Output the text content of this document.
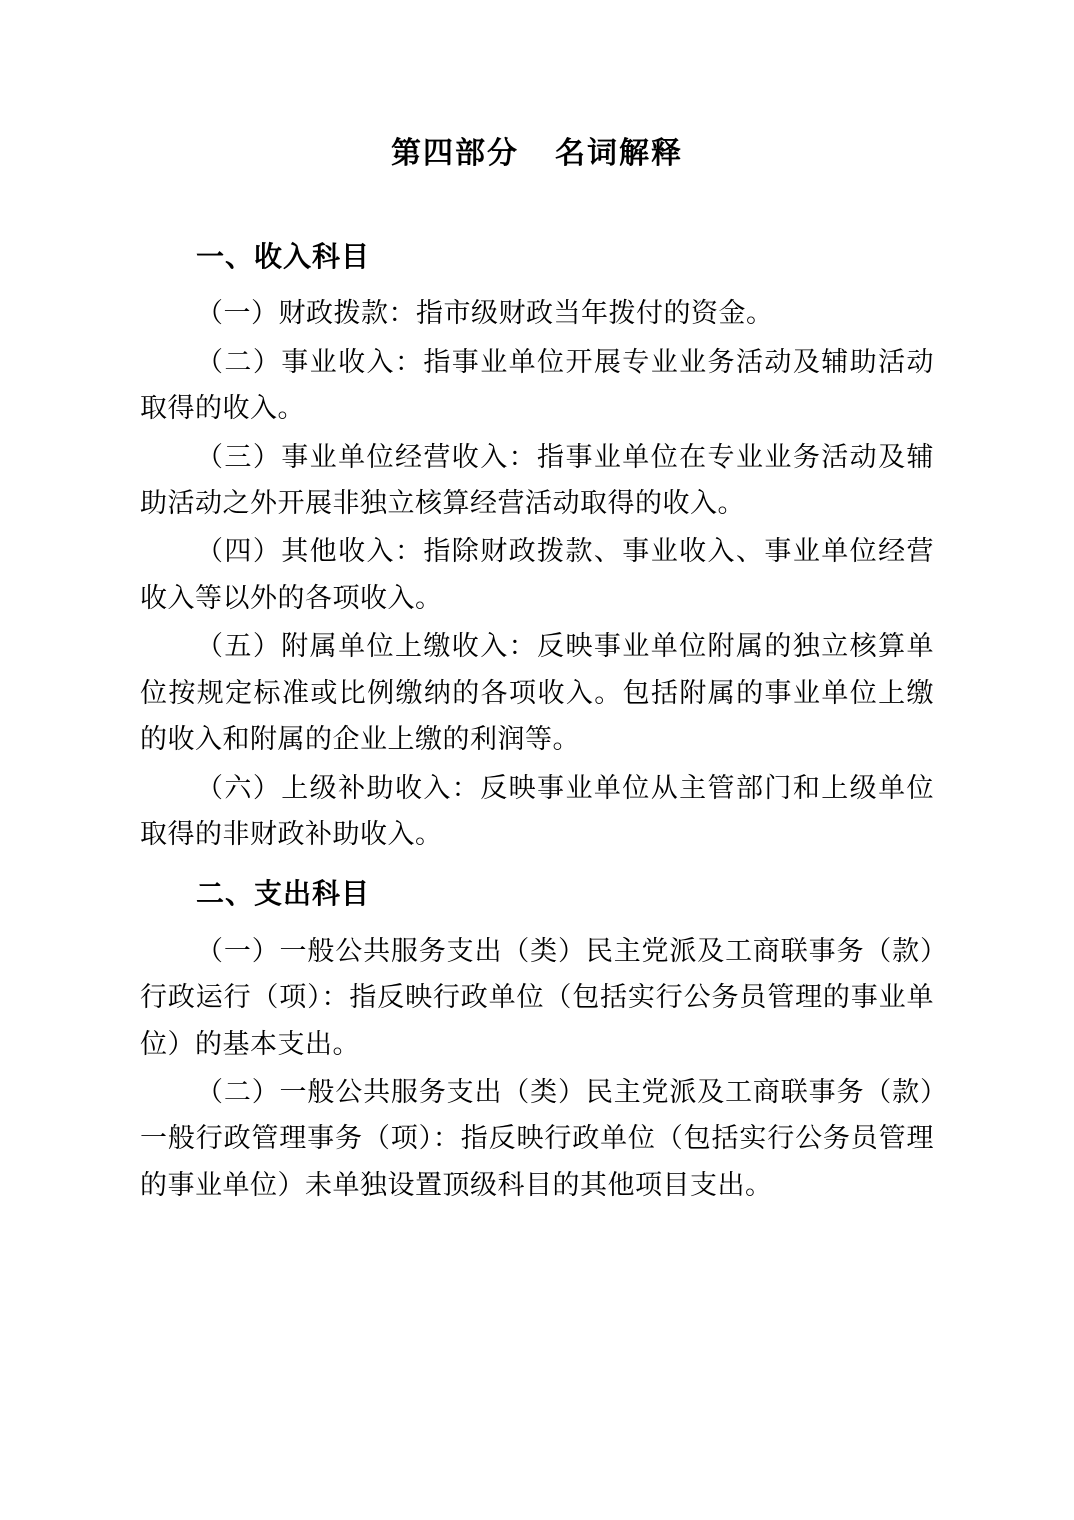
第四部分 名词解释
一、收入科目

（一）财政拨款：指市级财政当年拨付的资金。

（二）事业收入：指事业单位开展专业业务活动及辅助活动取得的收入。

（三）事业单位经营收入：指事业单位在专业业务活动及辅助活动之外开展非独立核算经营活动取得的收入。

（四）其他收入：指除财政拨款、事业收入、事业单位经营收入等以外的各项收入。

（五）附属单位上缴收入：反映事业单位附属的独立核算单位按规定标准或比例缴纳的各项收入。包括附属的事业单位上缴的收入和附属的企业上缴的利润等。

（六）上级补助收入：反映事业单位从主管部门和上级单位取得的非财政补助收入。

二、支出科目

（一）一般公共服务支出（类）民主党派及工商联事务（款）行政运行（项）：指反映行政单位（包括实行公务员管理的事业单位）的基本支出。

（二）一般公共服务支出（类）民主党派及工商联事务（款）一般行政管理事务（项）：指反映行政单位（包括实行公务员管理的事业单位）未单独设置顶级科目的其他项目支出。
